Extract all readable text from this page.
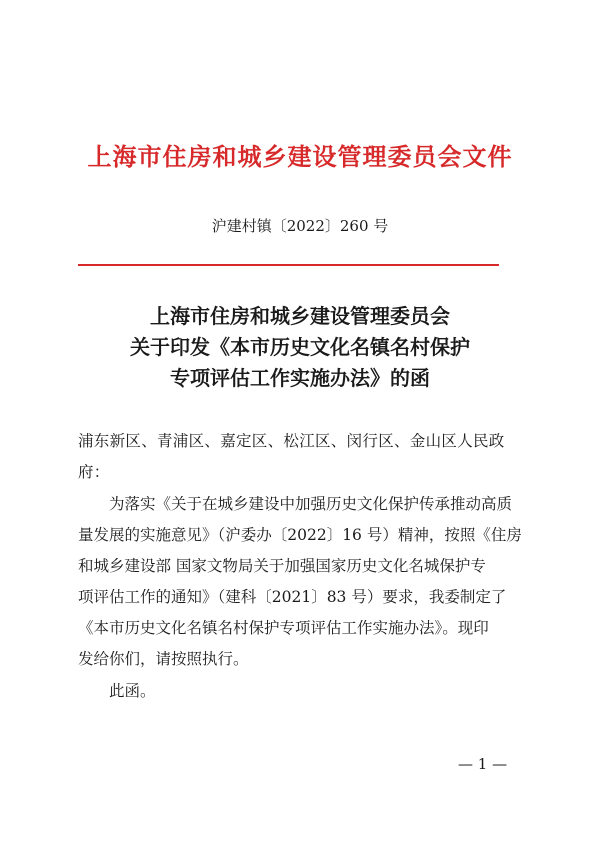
上海市住房和城乡建设管理委员会文件
沪建村镇〔2022〕260 号
上海市住房和城乡建设管理委员会
关于印发《本市历史文化名镇名村保护
专项评估工作实施办法》的函
浦东新区、青浦区、嘉定区、松江区、闵行区、金山区人民政
府：
为落实《关于在城乡建设中加强历史文化保护传承推动高质
量发展的实施意见》（沪委办〔2022〕16 号）精神，按照《住房
和城乡建设部 国家文物局关于加强国家历史文化名城保护专
项评估工作的通知》（建科〔2021〕83 号）要求，我委制定了
《本市历史文化名镇名村保护专项评估工作实施办法》。现印
发给你们，请按照执行。
此函。
— 1 —
